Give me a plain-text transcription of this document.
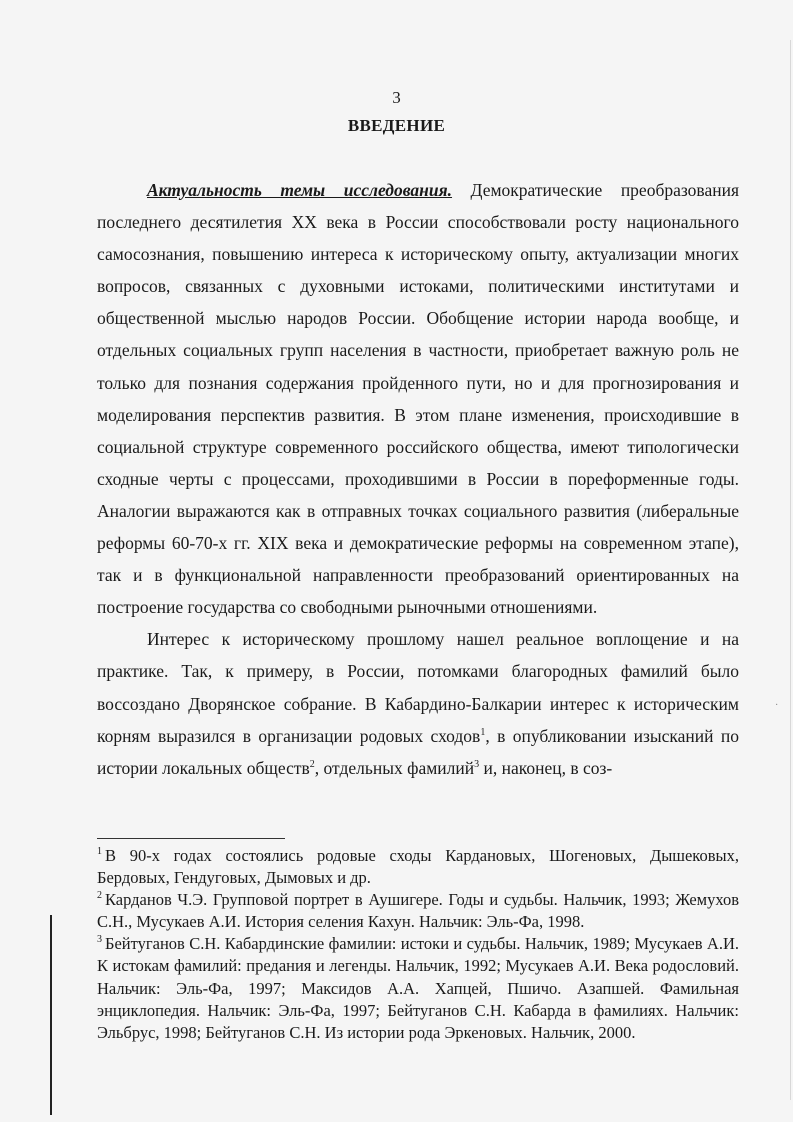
3
ВВЕДЕНИЕ

Актуальность темы исследования. Демократические преобразования последнего десятилетия XX века в России способствовали росту национального самосознания, повышению интереса к историческому опыту, актуализации многих вопросов, связанных с духовными истоками, политическими институтами и общественной мыслью народов России. Обобщение истории народа вообще, и отдельных социальных групп населения в частности, приобретает важную роль не только для познания содержания пройденного пути, но и для прогнозирования и моделирования перспектив развития. В этом плане изменения, происходившие в социальной структуре современного российского общества, имеют типологически сходные черты с процессами, проходившими в России в пореформенные годы. Аналогии выражаются как в отправных точках социального развития (либеральные реформы 60-70-х гг. XIX века и демократические реформы на современном этапе), так и в функциональной направленности преобразований ориентированных на построение государства со свободными рыночными отношениями.

Интерес к историческому прошлому нашел реальное воплощение и на практике. Так, к примеру, в России, потомками благородных фамилий было воссоздано Дворянское собрание. В Кабардино-Балкарии интерес к историческим корням выразился в организации родовых сходов$^1$, в опубликовании изысканий по истории локальных обществ$^2$, отдельных фамилий$^3$ и, наконец, в соз-

$^1$ В 90-х годах состоялись родовые сходы Кардановых, Шогеновых, Дышековых, Бердовых, Гендуговых, Дымовых и др.

$^2$ Карданов Ч.Э. Групповой портрет в Аушигере. Годы и судьбы. Нальчик, 1993; Жемухов С.Н., Мусукаев А.И. История селения Кахун. Нальчик: Эль-Фа, 1998.

$^3$ Бейтуганов С.Н. Кабардинские фамилии: истоки и судьбы. Нальчик, 1989; Мусукаев А.И. К истокам фамилий: предания и легенды. Нальчик, 1992; Мусукаев А.И. Века родословий. Нальчик: Эль-Фа, 1997; Максидов А.А. Хапцей, Пшичо. Азапшей. Фамильная энциклопедия. Нальчик: Эль-Фа, 1997; Бейтуганов С.Н. Кабарда в фамилиях. Нальчик: Эльбрус, 1998; Бейтуганов С.Н. Из истории рода Эркеновых. Нальчик, 2000.

·
